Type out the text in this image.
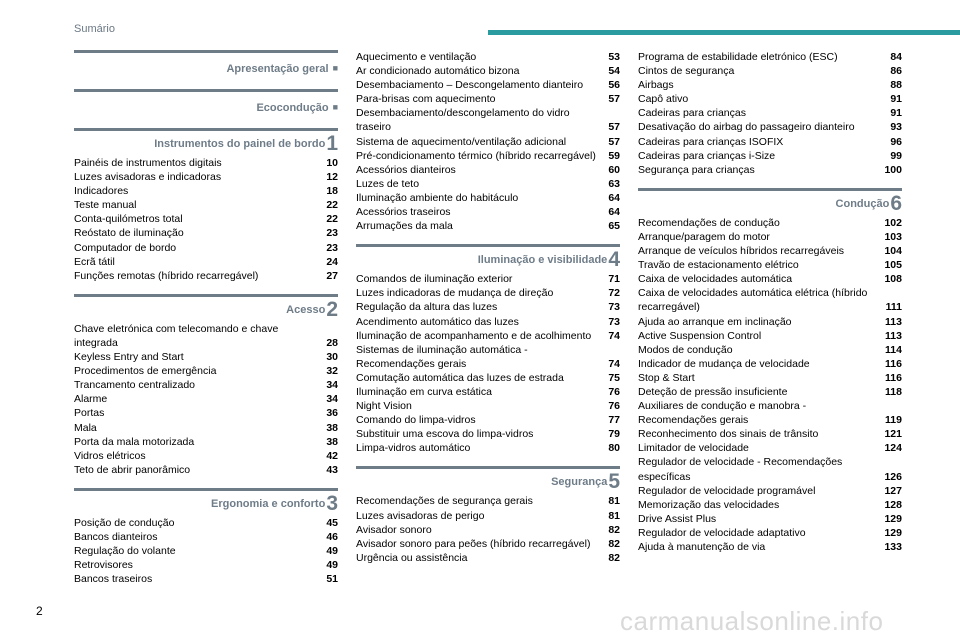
Sumário
Apresentação geral ■
Ecocondução ■
Instrumentos do painel de bordo1
Painéis de instrumentos digitais	10
Luzes avisadoras e indicadoras	12
Indicadores	18
Teste manual	22
Conta-quilómetros total	22
Reóstato de iluminação	23
Computador de bordo	23
Ecrã tátil	24
Funções remotas (híbrido recarregável)	27
Acesso2
Chave eletrónica com telecomando e chave integrada	28
Keyless Entry and Start	30
Procedimentos de emergência	32
Trancamento centralizado	34
Alarme	34
Portas	36
Mala	38
Porta da mala motorizada	38
Vidros elétricos	42
Teto de abrir panorâmico	43
Ergonomia e conforto3
Posição de condução	45
Bancos dianteiros	46
Regulação do volante	49
Retrovisores	49
Bancos traseiros	51
Aquecimento e ventilação	53
Ar condicionado automático bizona	54
Desembaciamento – Descongelamento dianteiro	56
Para-brisas com aquecimento	57
Desembaciamento/descongelamento do vidro traseiro	57
Sistema de aquecimento/ventilação adicional	57
Pré-condicionamento térmico (híbrido recarregável)	59
Acessórios dianteiros	60
Luzes de teto	63
Iluminação ambiente do habitáculo	64
Acessórios traseiros	64
Arrumações da mala	65
Iluminação e visibilidade4
Comandos de iluminação exterior	71
Luzes indicadoras de mudança de direção	72
Regulação da altura das luzes	73
Acendimento automático das luzes	73
Iluminação de acompanhamento e de acolhimento	74
Sistemas de iluminação automática - Recomendações gerais	74
Comutação automática das luzes de estrada	75
Iluminação em curva estática	76
Night Vision	76
Comando do limpa-vidros	77
Substituir uma escova do limpa-vidros	79
Limpa-vidros automático	80
Segurança5
Recomendações de segurança gerais	81
Luzes avisadoras de perigo	81
Avisador sonoro	82
Avisador sonoro para peões (híbrido recarregável)	82
Urgência ou assistência	82
Programa de estabilidade eletrónico (ESC)	84
Cintos de segurança	86
Airbags	88
Capô ativo	91
Cadeiras para crianças	91
Desativação do airbag do passageiro dianteiro	93
Cadeiras para crianças ISOFIX	96
Cadeiras para crianças i-Size	99
Segurança para crianças	100
Condução6
Recomendações de condução	102
Arranque/paragem do motor	103
Arranque de veículos híbridos recarregáveis	104
Travão de estacionamento elétrico	105
Caixa de velocidades automática	108
Caixa de velocidades automática elétrica (híbrido recarregável)	111
Ajuda ao arranque em inclinação	113
Active Suspension Control	113
Modos de condução	114
Indicador de mudança de velocidade	116
Stop & Start	116
Deteção de pressão insuficiente	118
Auxiliares de condução e manobra - Recomendações gerais	119
Reconhecimento dos sinais de trânsito	121
Limitador de velocidade	124
Regulador de velocidade - Recomendações específicas	126
Regulador de velocidade programável	127
Memorização das velocidades	128
Drive Assist Plus	129
Regulador de velocidade adaptativo	129
Ajuda à manutenção de via	133
2	carmanualsonline.info
